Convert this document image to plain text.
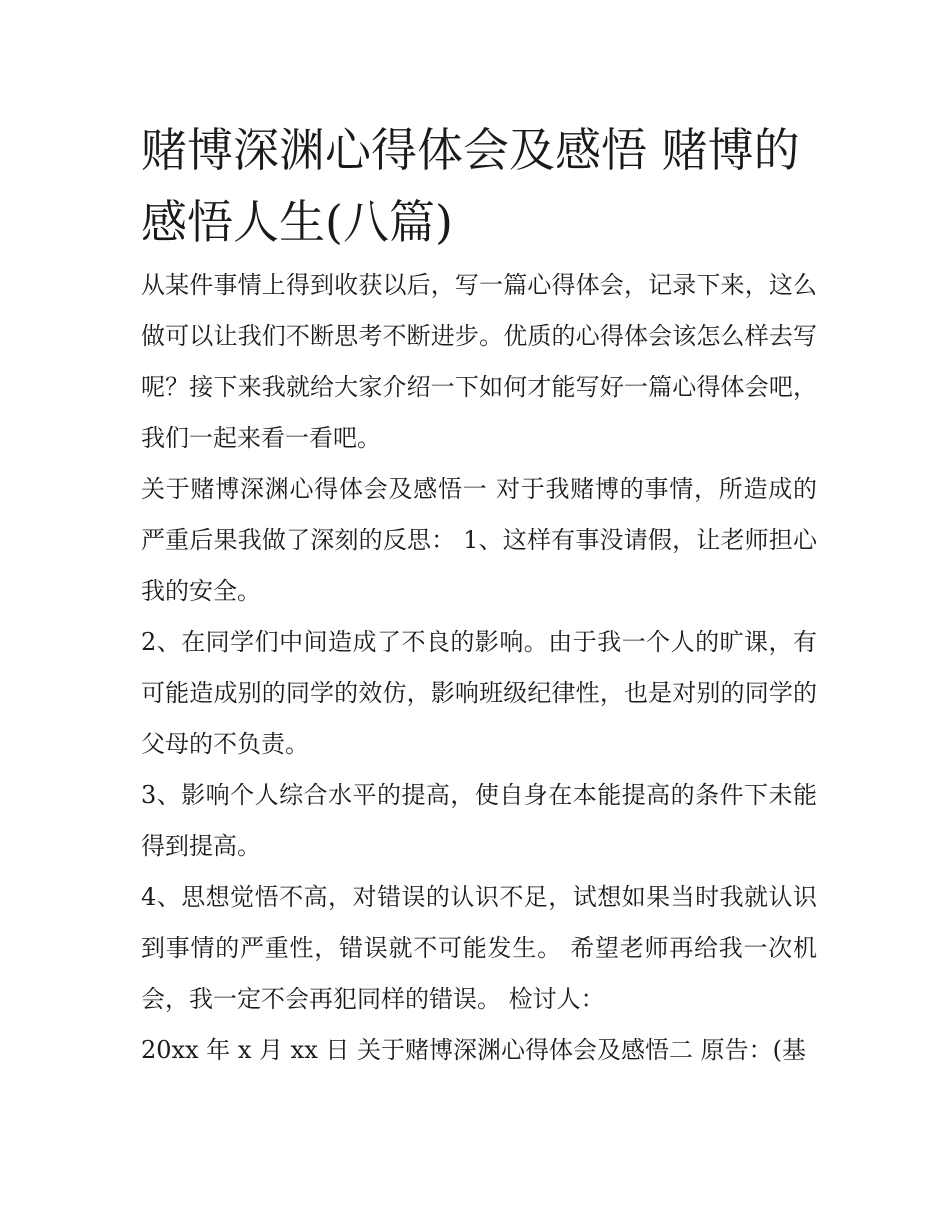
赌博深渊心得体会及感悟 赌博的感悟人生(八篇)

从某件事情上得到收获以后，写一篇心得体会，记录下来，这么做可以让我们不断思考不断进步。优质的心得体会该怎么样去写呢？接下来我就给大家介绍一下如何才能写好一篇心得体会吧，我们一起来看一看吧。

关于赌博深渊心得体会及感悟一 对于我赌博的事情，所造成的严重后果我做了深刻的反思： 1、这样有事没请假，让老师担心我的安全。

2、在同学们中间造成了不良的影响。由于我一个人的旷课，有可能造成别的同学的效仿，影响班级纪律性，也是对别的同学的父母的不负责。

3、影响个人综合水平的提高，使自身在本能提高的条件下未能得到提高。

4、思想觉悟不高，对错误的认识不足，试想如果当时我就认识到事情的严重性，错误就不可能发生。 希望老师再给我一次机会，我一定不会再犯同样的错误。 检讨人：

20xx 年 x 月 xx 日 关于赌博深渊心得体会及感悟二 原告：(基
